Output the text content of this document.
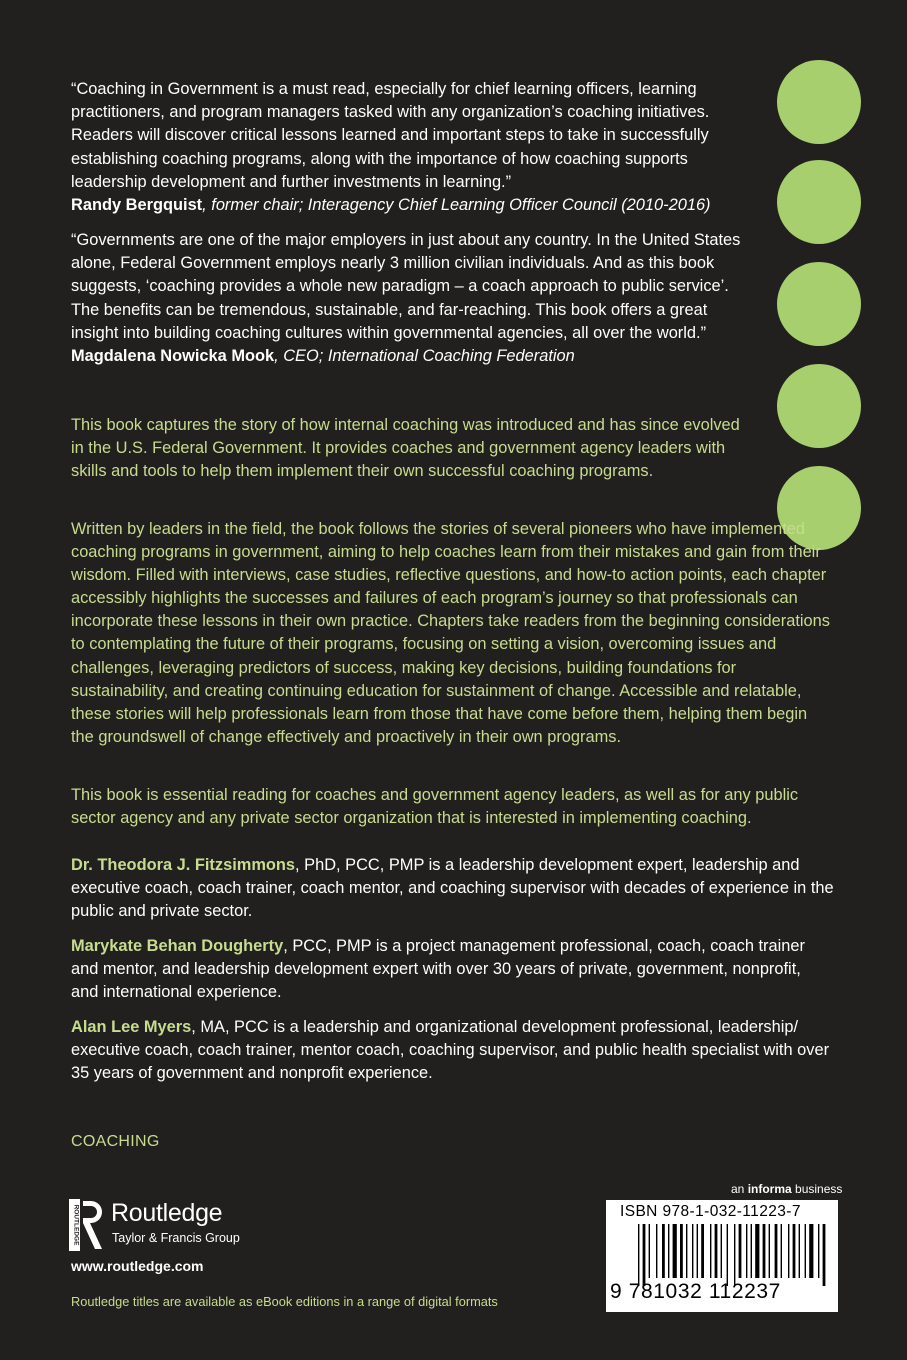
“Coaching in Government is a must read, especially for chief learning officers, learning practitioners, and program managers tasked with any organization’s coaching initiatives. Readers will discover critical lessons learned and important steps to take in successfully establishing coaching programs, along with the importance of how coaching supports leadership development and further investments in learning.”
Randy Bergquist, former chair; Interagency Chief Learning Officer Council (2010-2016)

“Governments are one of the major employers in just about any country. In the United States alone, Federal Government employs nearly 3 million civilian individuals. And as this book suggests, ‘coaching provides a whole new paradigm – a coach approach to public service’. The benefits can be tremendous, sustainable, and far-reaching. This book offers a great insight into building coaching cultures within governmental agencies, all over the world.”
Magdalena Nowicka Mook, CEO; International Coaching Federation

This book captures the story of how internal coaching was introduced and has since evolved in the U.S. Federal Government. It provides coaches and government agency leaders with skills and tools to help them implement their own successful coaching programs.

Written by leaders in the field, the book follows the stories of several pioneers who have implemented coaching programs in government, aiming to help coaches learn from their mistakes and gain from their wisdom. Filled with interviews, case studies, reflective questions, and how-to action points, each chapter accessibly highlights the successes and failures of each program’s journey so that professionals can incorporate these lessons in their own practice. Chapters take readers from the beginning considerations to contemplating the future of their programs, focusing on setting a vision, overcoming issues and challenges, leveraging predictors of success, making key decisions, building foundations for sustainability, and creating continuing education for sustainment of change. Accessible and relatable, these stories will help professionals learn from those that have come before them, helping them begin the groundswell of change effectively and proactively in their own programs.

This book is essential reading for coaches and government agency leaders, as well as for any public sector agency and any private sector organization that is interested in implementing coaching.

Dr. Theodora J. Fitzsimmons, PhD, PCC, PMP is a leadership development expert, leadership and executive coach, coach trainer, coach mentor, and coaching supervisor with decades of experience in the public and private sector.

Marykate Behan Dougherty, PCC, PMP is a project management professional, coach, coach trainer and mentor, and leadership development expert with over 30 years of private, government, nonprofit, and international experience.

Alan Lee Myers, MA, PCC is a leadership and organizational development professional, leadership/ executive coach, coach trainer, mentor coach, coaching supervisor, and public health specialist with over 35 years of government and nonprofit experience.

COACHING
ROUTLEDGE Routledge
Taylor & Francis Group
www.routledge.com
Routledge titles are available as eBook editions in a range of digital formats
an informa business
ISBN 978-1-032-11223-7
9 781032 112237
